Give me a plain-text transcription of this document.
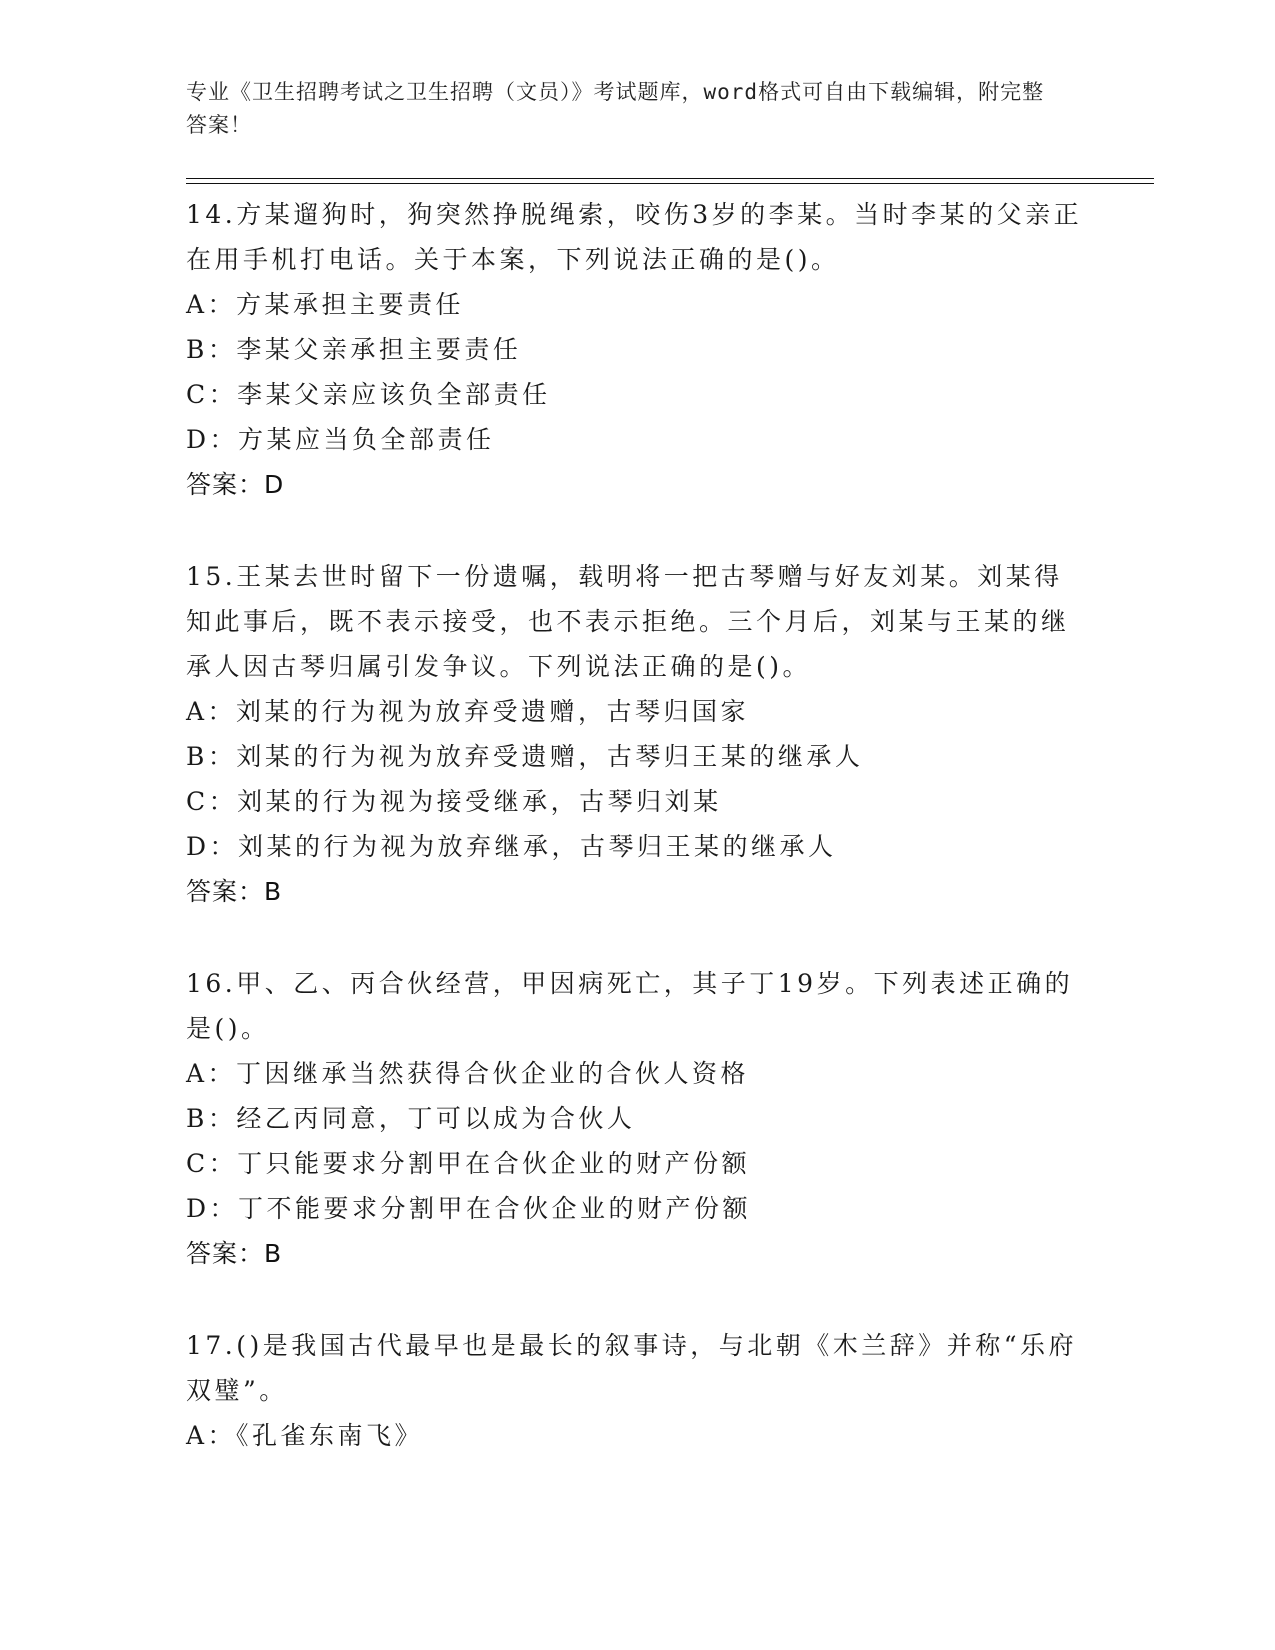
专业《卫生招聘考试之卫生招聘（文员）》考试题库，word格式可自由下载编辑，附完整答案！

14.方某遛狗时，狗突然挣脱绳索，咬伤3岁的李某。当时李某的父亲正在用手机打电话。关于本案，下列说法正确的是()。

A：方某承担主要责任

B：李某父亲承担主要责任

C：李某父亲应该负全部责任

D：方某应当负全部责任

答案：D

15.王某去世时留下一份遗嘱，载明将一把古琴赠与好友刘某。刘某得知此事后，既不表示接受，也不表示拒绝。三个月后，刘某与王某的继承人因古琴归属引发争议。下列说法正确的是()。

A：刘某的行为视为放弃受遗赠，古琴归国家

B：刘某的行为视为放弃受遗赠，古琴归王某的继承人

C：刘某的行为视为接受继承，古琴归刘某

D：刘某的行为视为放弃继承，古琴归王某的继承人

答案：B

16.甲、乙、丙合伙经营，甲因病死亡，其子丁19岁。下列表述正确的是()。

A：丁因继承当然获得合伙企业的合伙人资格

B：经乙丙同意，丁可以成为合伙人

C：丁只能要求分割甲在合伙企业的财产份额

D：丁不能要求分割甲在合伙企业的财产份额

答案：B

17.()是我国古代最早也是最长的叙事诗，与北朝《木兰辞》并称“乐府双璧”。

A：《孔雀东南飞》
